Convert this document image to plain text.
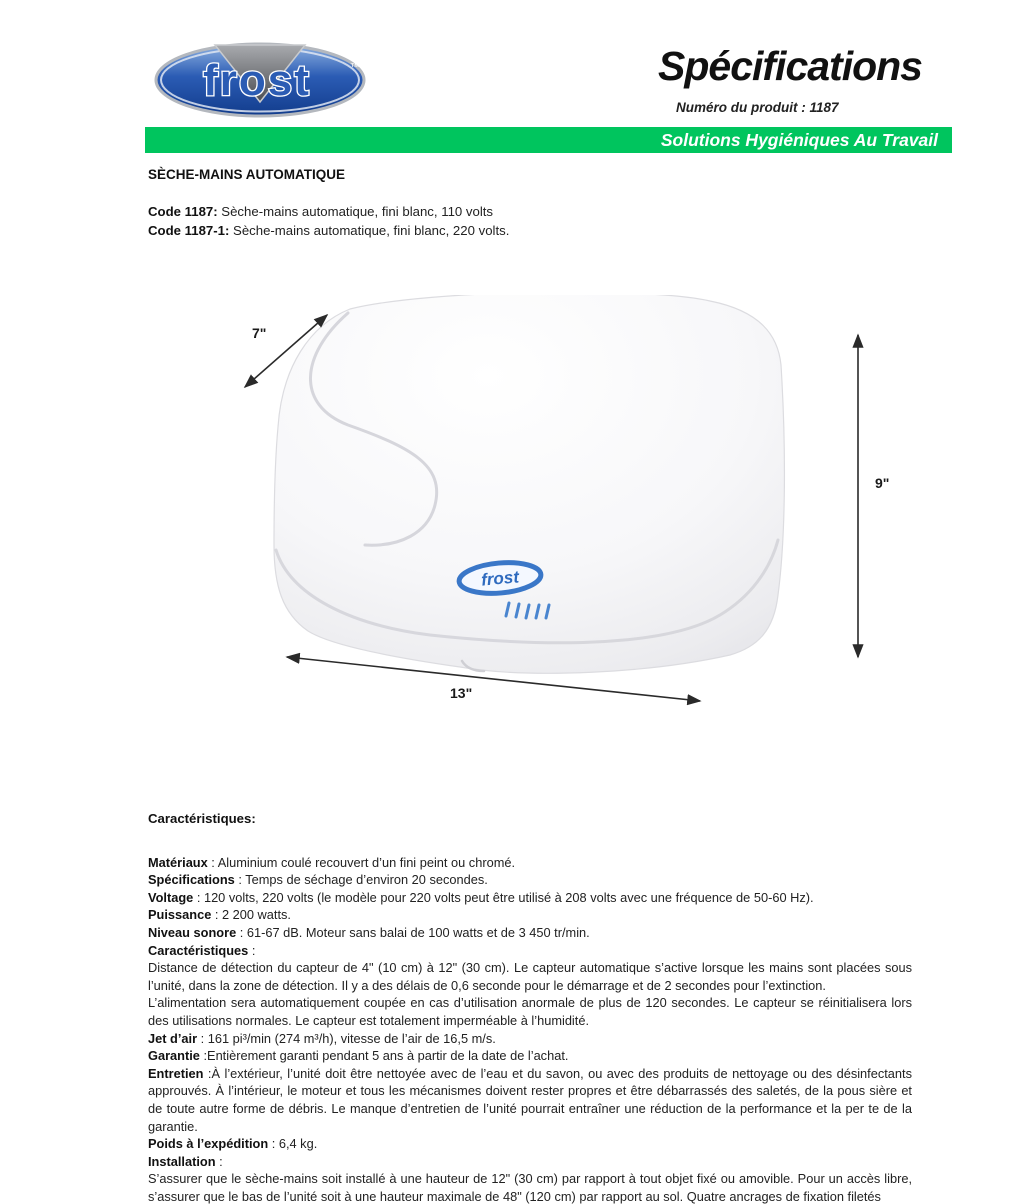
frost	™	Spécifications
Numéro du produit : 1187
Solutions Hygiéniques Au Travail
SÈCHE-MAINS AUTOMATIQUE
Code 1187: Sèche-mains automatique, fini blanc, 110 volts
Code 1187-1: Sèche-mains automatique, fini blanc, 220 volts.
frost
7"
9"
13"

Caractéristiques:

Matériaux : Aluminium coulé recouvert d’un fini peint ou chromé.
Spécifications : Temps de séchage d’environ 20 secondes.
Voltage : 120 volts, 220 volts (le modèle pour 220 volts peut être utilisé à 208 volts avec une fréquence de 50-60 Hz).
Puissance : 2 200 watts.
Niveau sonore : 61-67 dB. Moteur sans balai de 100 watts et de 3 450 tr/min.
Caractéristiques :
Distance de détection du capteur de 4" (10 cm) à 12" (30 cm). Le capteur automatique s’active lorsque les mains sont placées sous l’unité, dans la zone de détection. Il y a des délais de 0,6 seconde pour le démarrage et de 2 secondes pour l’extinction.
L’alimentation sera automatiquement coupée en cas d’utilisation anormale de plus de 120 secondes. Le capteur se réinitialisera lors des utilisations normales. Le capteur est totalement imperméable à l’humidité.
Jet d’air : 161 pi³/min (274 m³/h), vitesse de l’air de 16,5 m/s.
Garantie :Entièrement garanti pendant 5 ans à partir de la date de l’achat.
Entretien :À l’extérieur, l’unité doit être nettoyée avec de l’eau et du savon, ou avec des produits de nettoyage ou des désinfectants approuvés. À l’intérieur, le moteur et tous les mécanismes doivent rester propres et être débarrassés des saletés, de la pous sière et de toute autre forme de débris. Le manque d’entretien de l’unité pourrait entraîner une réduction de la performance et la per te de la garantie.
Poids à l’expédition : 6,4 kg.
Installation :
S’assurer que le sèche-mains soit installé à une hauteur de 12" (30 cm) par rapport à tout objet fixé ou amovible. Pour un accès libre, s’assurer que le bas de l’unité soit à une hauteur maximale de 48" (120 cm) par rapport au sol. Quatre ancrages de fixation filetés
